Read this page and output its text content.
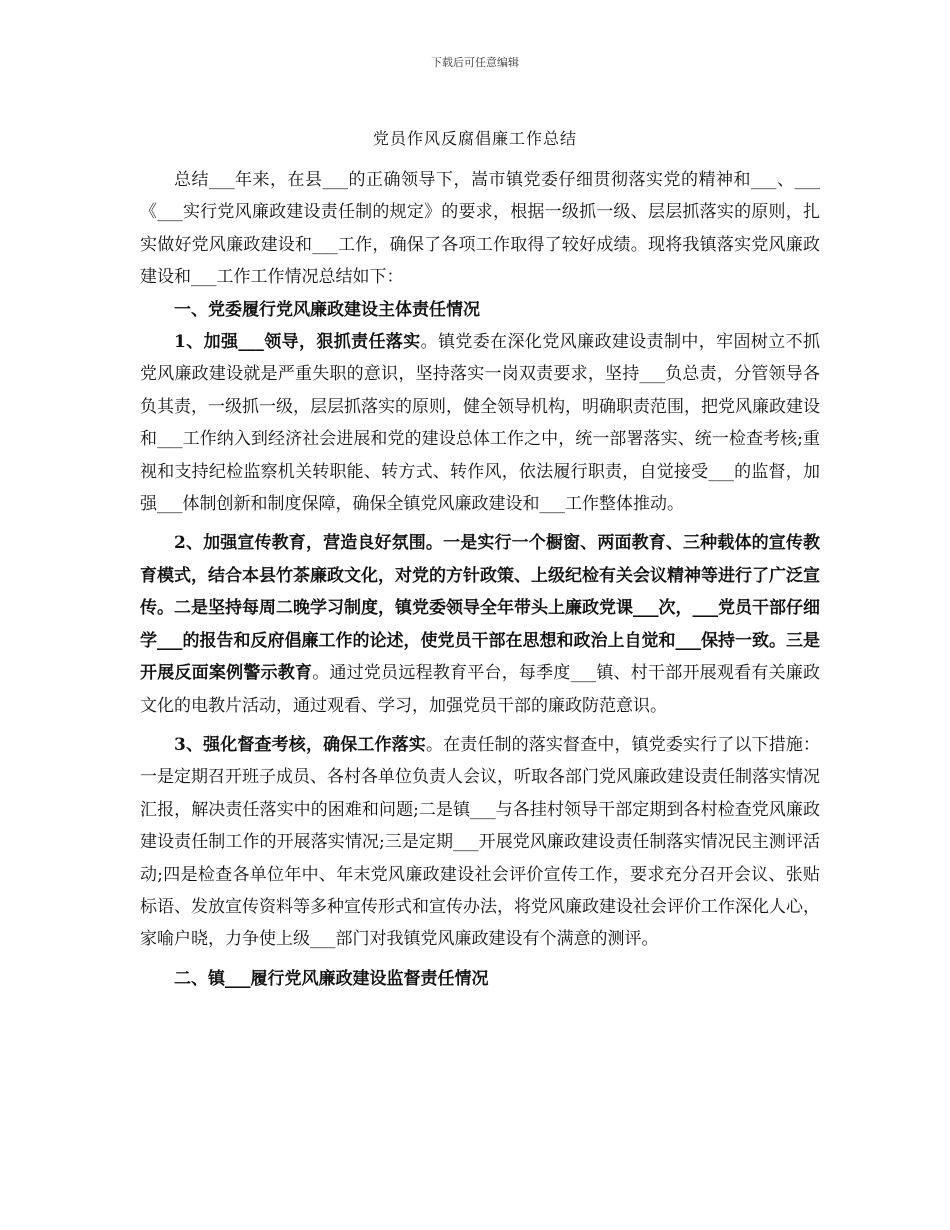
下载后可任意编辑
党员作风反腐倡廉工作总结

总结___年来，在县___的正确领导下，嵩市镇党委仔细贯彻落实党的精神和___、___《___实行党风廉政建设责任制的规定》的要求，根据一级抓一级、层层抓落实的原则，扎实做好党风廉政建设和___工作，确保了各项工作取得了较好成绩。现将我镇落实党风廉政建设和___工作工作情况总结如下：

一、党委履行党风廉政建设主体责任情况

1、加强___领导，狠抓责任落实。镇党委在深化党风廉政建设责制中，牢固树立不抓党风廉政建设就是严重失职的意识，坚持落实一岗双责要求，坚持___负总责，分管领导各负其责，一级抓一级，层层抓落实的原则，健全领导机构，明确职责范围，把党风廉政建设和___工作纳入到经济社会进展和党的建设总体工作之中，统一部署落实、统一检查考核;重视和支持纪检监察机关转职能、转方式、转作风，依法履行职责，自觉接受___的监督，加强___体制创新和制度保障，确保全镇党风廉政建设和___工作整体推动。

2、加强宣传教育，营造良好氛围。一是实行一个橱窗、两面教育、三种载体的宣传教育模式，结合本县竹茶廉政文化，对党的方针政策、上级纪检有关会议精神等进行了广泛宣传。二是坚持每周二晚学习制度，镇党委领导全年带头上廉政党课___次，___党员干部仔细学___的报告和反府倡廉工作的论述，使党员干部在思想和政治上自觉和___保持一致。三是开展反面案例警示教育。通过党员远程教育平台，每季度___镇、村干部开展观看有关廉政文化的电教片活动，通过观看、学习，加强党员干部的廉政防范意识。

3、强化督查考核，确保工作落实。在责任制的落实督查中，镇党委实行了以下措施：一是定期召开班子成员、各村各单位负责人会议，听取各部门党风廉政建设责任制落实情况汇报，解决责任落实中的困难和问题;二是镇___与各挂村领导干部定期到各村检查党风廉政建设责任制工作的开展落实情况;三是定期___开展党风廉政建设责任制落实情况民主测评活动;四是检查各单位年中、年末党风廉政建设社会评价宣传工作，要求充分召开会议、张贴标语、发放宣传资料等多种宣传形式和宣传办法，将党风廉政建设社会评价工作深化人心，家喻户晓，力争使上级___部门对我镇党风廉政建设有个满意的测评。

二、镇___履行党风廉政建设监督责任情况
